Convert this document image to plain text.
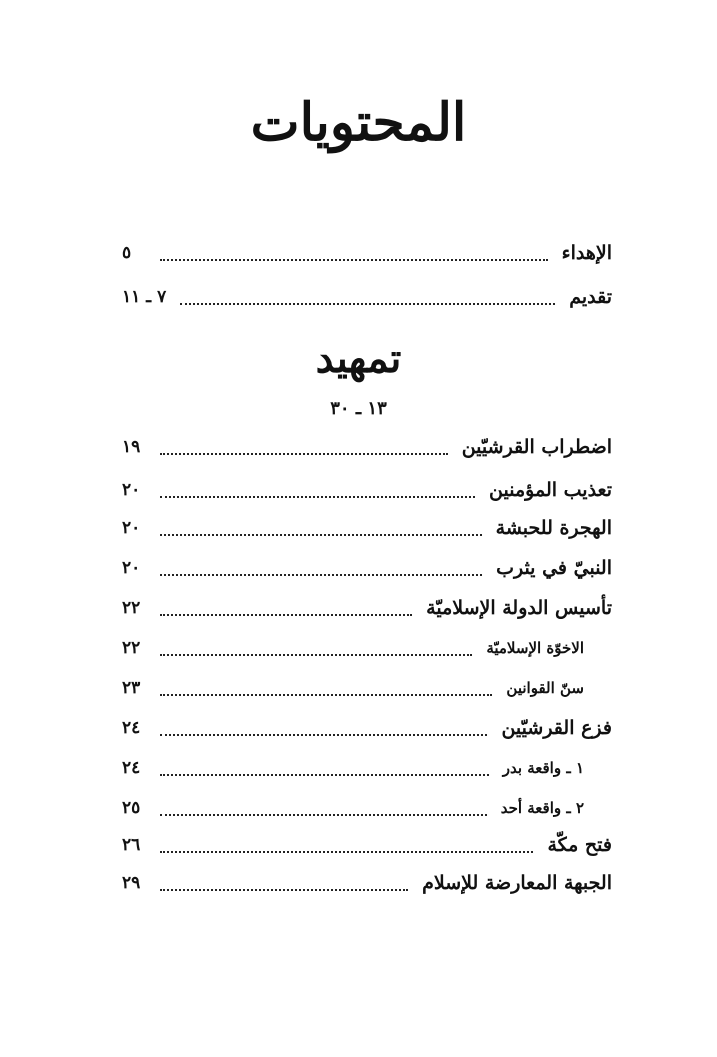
المحتويات
الإهداء
٥
تقديم
٧ ـ ١١
تمهيد
١٣ ـ ٣٠
اضطراب القرشيّين
١٩
تعذيب المؤمنين
٢٠
الهجرة للحبشة
٢٠
النبيّ في يثرب
٢٠
تأسيس الدولة الإسلاميّة
٢٢
الاخوّة الإسلاميّة
٢٢
سنّ القوانين
٢٣
فزع القرشيّين
٢٤
١ ـ واقعة بدر
٢٤
٢ ـ واقعة أحد
٢٥
فتح مكّة
٢٦
الجبهة المعارضة للإسلام
٢٩
